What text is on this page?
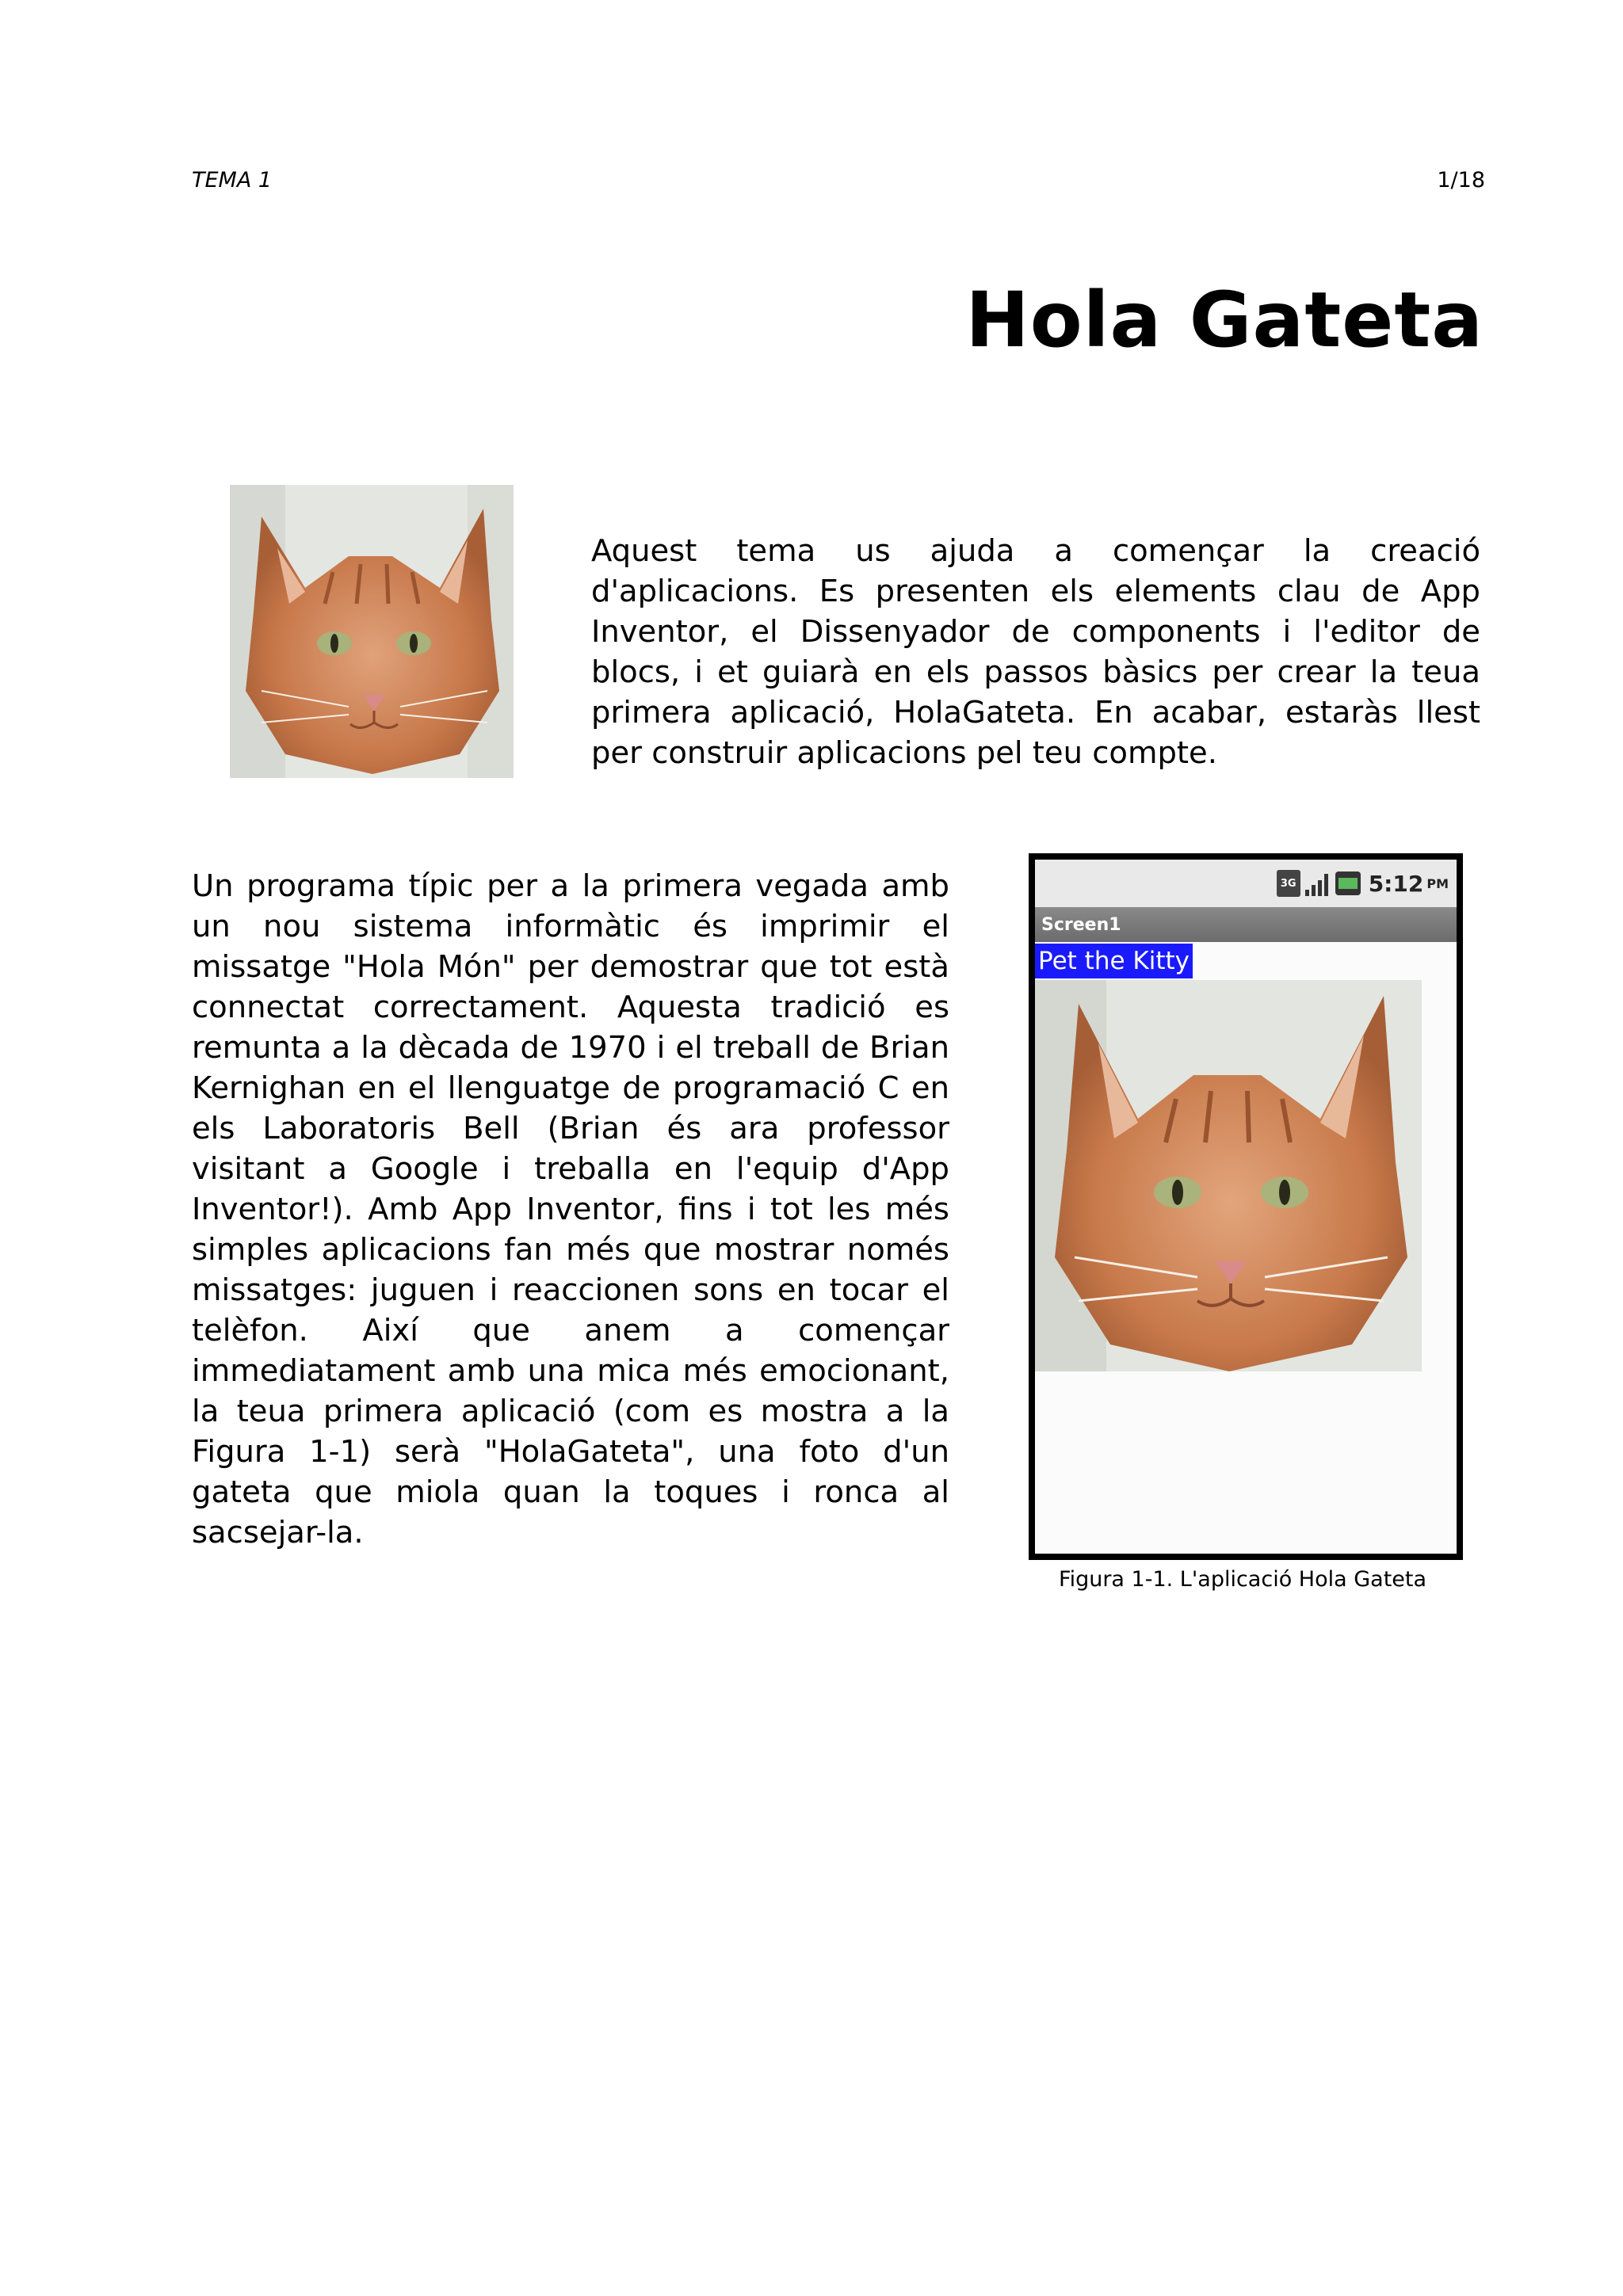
TEMA 1	1/18
Hola Gateta
Aquest tema us ajuda a començar la creació d'aplicacions. Es presenten els elements clau de App Inventor, el Dissenyador de components i l'editor de blocs, i et guiarà en els passos bàsics per crear la teua primera aplicació, HolaGateta. En acabar, estaràs llest per construir aplicacions pel teu compte.
Un programa típic per a la primera vegada amb un nou sistema informàtic és imprimir el missatge "Hola Món" per demostrar que tot està connectat correctament. Aquesta tradició es remunta a la dècada de 1970 i el treball de Brian Kernighan en el llenguatge de programació C en els Laboratoris Bell (Brian és ara professor visitant a Google i treballa en l'equip d'App Inventor!). Amb App Inventor, fins i tot les més simples aplicacions fan més que mostrar només missatges: juguen i reaccionen sons en tocar el telèfon. Així que anem a començar immediatament amb una mica més emocionant, la teua primera aplicació (com es mostra a la Figura 1-1) serà "HolaGateta", una foto d'un gateta que miola quan la toques i ronca al sacsejar-la.
3G	5:12 PM
Screen1
Pet the Kitty
Figura 1-1. L'aplicació Hola Gateta
